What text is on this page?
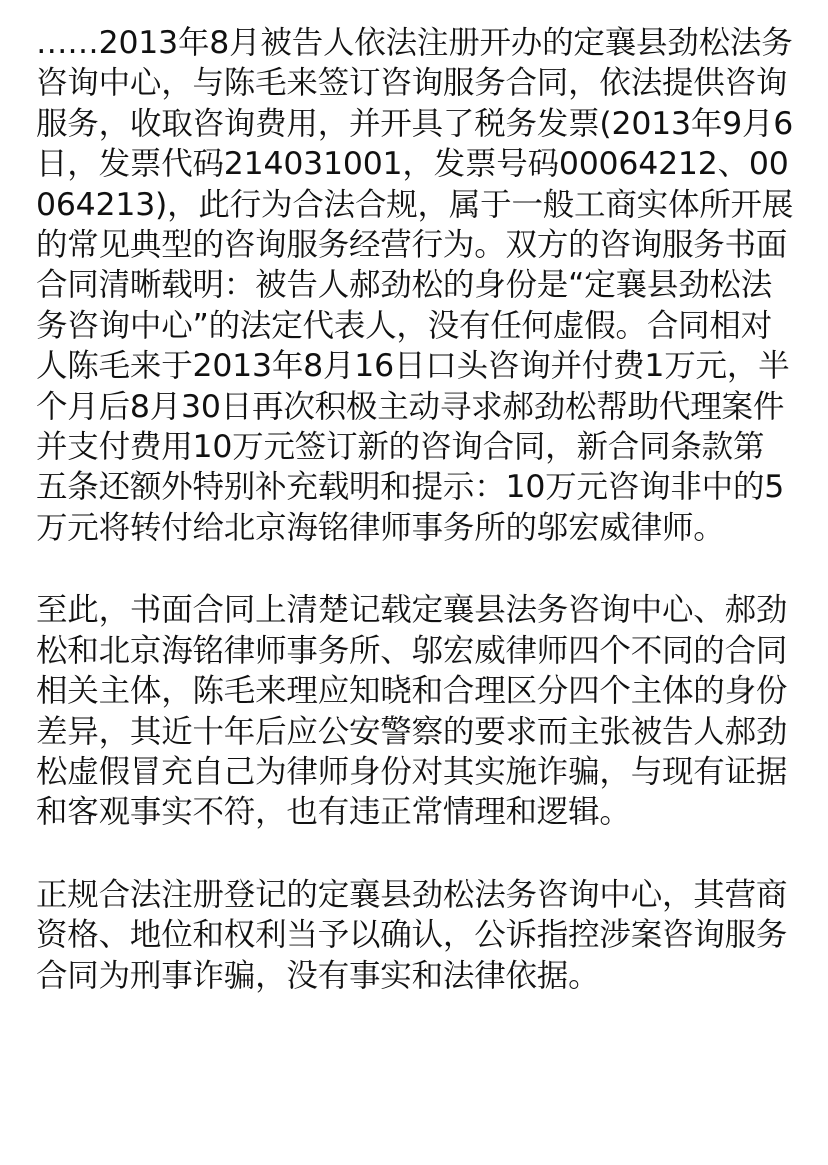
……2013年8月被告人依法注册开办的定襄县劲松法务咨询中心，与陈毛来签订咨询服务合同，依法提供咨询服务，收取咨询费用，并开具了税务发票(2013年9月6日，发票代码214031001，发票号码00064212、00064213)，此行为合法合规，属于一般工商实体所开展的常见典型的咨询服务经营行为。双方的咨询服务书面合同清晰载明：被告人郝劲松的身份是“定襄县劲松法务咨询中心”的法定代表人，没有任何虚假。合同相对人陈毛来于2013年8月16日口头咨询并付费1万元，半个月后8月30日再次积极主动寻求郝劲松帮助代理案件并支付费用10万元签订新的咨询合同，新合同条款第五条还额外特别补充载明和提示：10万元咨询非中的5万元将转付给北京海铭律师事务所的邬宏威律师。

至此，书面合同上清楚记载定襄县法务咨询中心、郝劲松和北京海铭律师事务所、邬宏威律师四个不同的合同相关主体，陈毛来理应知晓和合理区分四个主体的身份差异，其近十年后应公安警察的要求而主张被告人郝劲松虚假冒充自己为律师身份对其实施诈骗，与现有证据和客观事实不符，也有违正常情理和逻辑。

正规合法注册登记的定襄县劲松法务咨询中心，其营商资格、地位和权利当予以确认，公诉指控涉案咨询服务合同为刑事诈骗，没有事实和法律依据。
